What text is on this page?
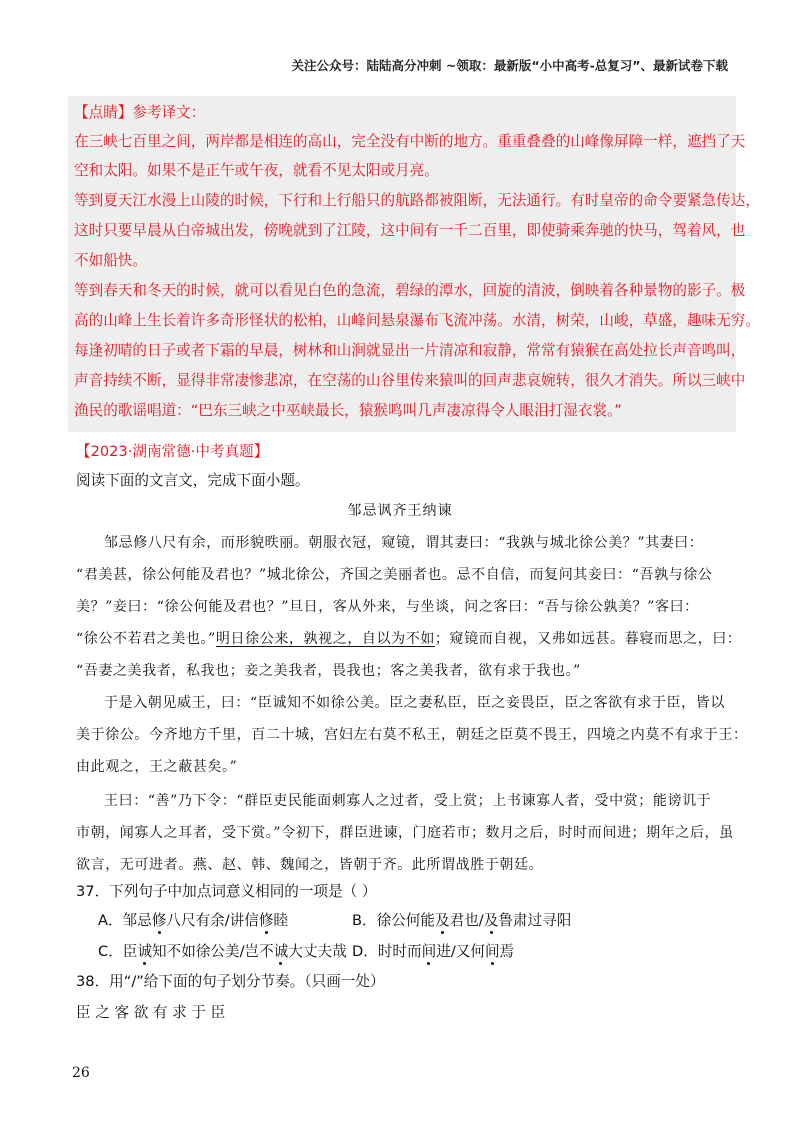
关注公众号：陆陆高分冲刺 ~领取：最新版“小中高考-总复习”、最新试卷下载
【点睛】参考译文：
在三峡七百里之间，两岸都是相连的高山，完全没有中断的地方。重重叠叠的山峰像屏障一样，遮挡了天
空和太阳。如果不是正午或午夜，就看不见太阳或月亮。
等到夏天江水漫上山陵的时候，下行和上行船只的航路都被阻断，无法通行。有时皇帝的命令要紧急传达，
这时只要早晨从白帝城出发，傍晚就到了江陵，这中间有一千二百里，即使骑乘奔驰的快马，驾着风，也
不如船快。
等到春天和冬天的时候，就可以看见白色的急流，碧绿的潭水，回旋的清波，倒映着各种景物的影子。极
高的山峰上生长着许多奇形怪状的松柏，山峰间悬泉瀑布飞流冲荡。水清，树荣，山峻，草盛，趣味无穷。
每逢初晴的日子或者下霜的早晨，树林和山涧就显出一片清凉和寂静，常常有猿猴在高处拉长声音鸣叫，
声音持续不断，显得非常凄惨悲凉，在空荡的山谷里传来猿叫的回声悲哀婉转，很久才消失。所以三峡中
渔民的歌谣唱道：“巴东三峡之中巫峡最长，猿猴鸣叫几声凄凉得令人眼泪打湿衣裳。”
【2023·湖南常德·中考真题】
阅读下面的文言文，完成下面小题。
邹忌讽齐王纳谏
邹忌修八尺有余，而形貌昳丽。朝服衣冠，窥镜，谓其妻曰：“我孰与城北徐公美？”其妻曰：
“君美甚，徐公何能及君也？”城北徐公，齐国之美丽者也。忌不自信，而复问其妾曰：“吾孰与徐公
美？”妾曰：“徐公何能及君也？”旦日，客从外来，与坐谈，问之客曰：“吾与徐公孰美？”客曰：
“徐公不若君之美也。”明日徐公来，孰视之，自以为不如；窥镜而自视，又弗如远甚。暮寝而思之，曰：
“吾妻之美我者，私我也；妾之美我者，畏我也；客之美我者，欲有求于我也。”
于是入朝见威王，曰：“臣诚知不如徐公美。臣之妻私臣，臣之妾畏臣，臣之客欲有求于臣，皆以
美于徐公。今齐地方千里，百二十城，宫妇左右莫不私王，朝廷之臣莫不畏王，四境之内莫不有求于王：
由此观之，王之蔽甚矣。”
王曰：“善”乃下令：“群臣吏民能面刺寡人之过者，受上赏；上书谏寡人者，受中赏；能谤讥于
市朝，闻寡人之耳者，受下赏。”令初下，群臣进谏，门庭若市；数月之后，时时而间进；期年之后，虽
欲言，无可进者。燕、赵、韩、魏闻之，皆朝于齐。此所谓战胜于朝廷。
37．下列句子中加点词意义相同的一项是（ ）
A．邹忌修八尺有余/讲信修睦	B．徐公何能及君也/及鲁肃过寻阳
C．臣诚知不如徐公美/岂不诚大丈夫哉 D．时时而间进/又何间焉
38．用“/”给下面的句子划分节奏。（只画一处）
臣 之 客 欲 有 求 于 臣
26
